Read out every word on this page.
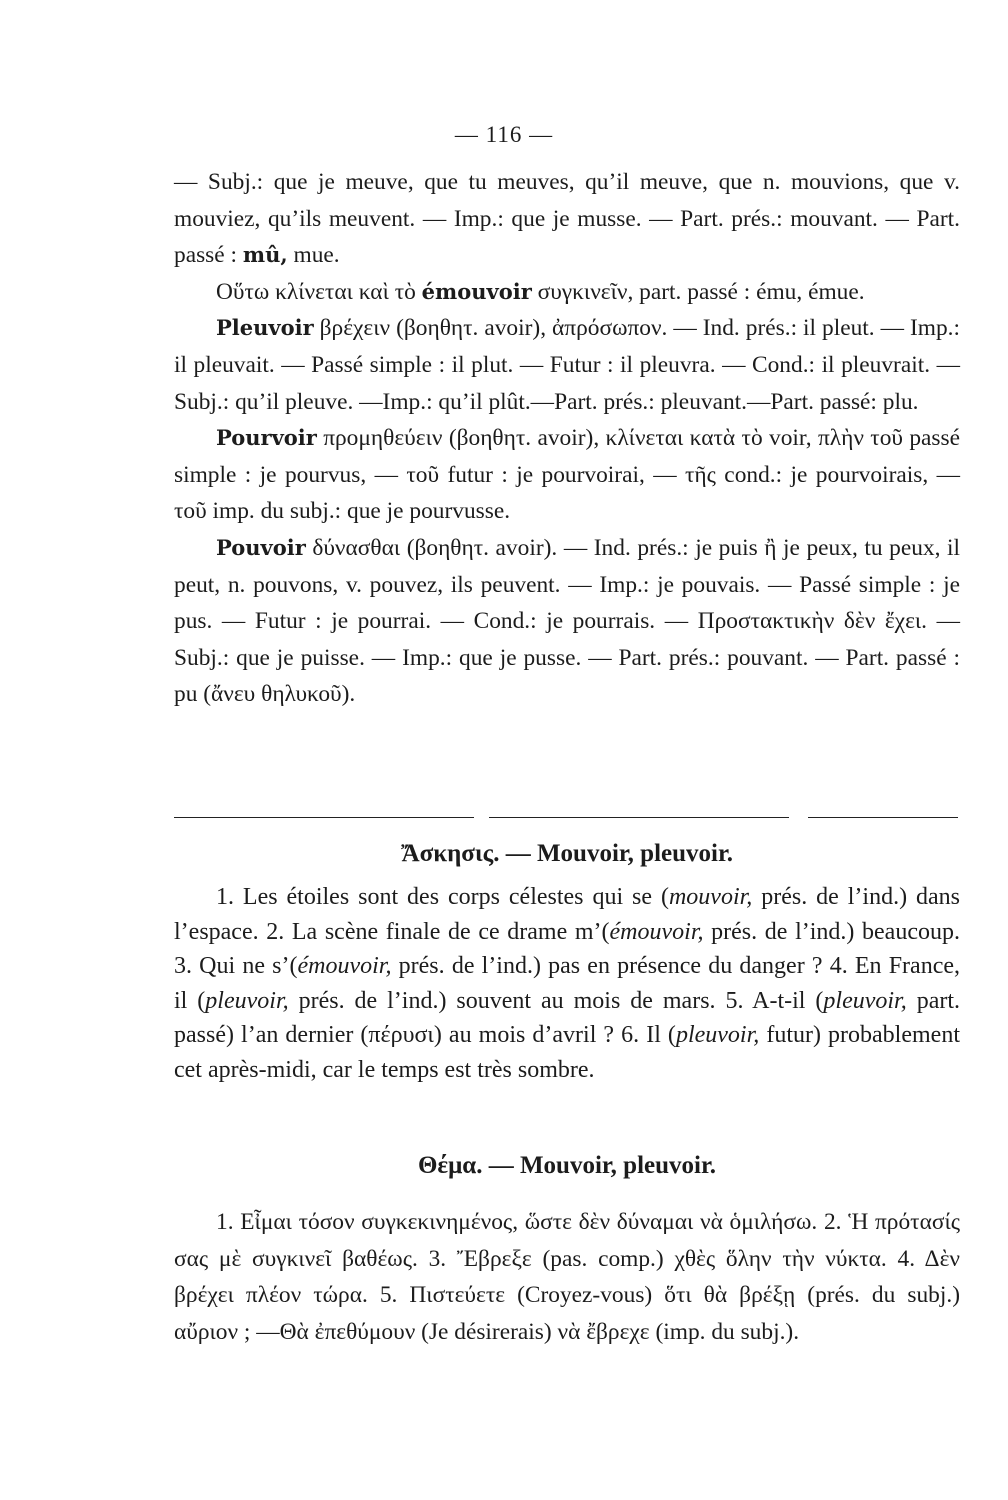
— 116 —

— Subj.: que je meuve, que tu meuves, qu’il meuve, que n. mouvions, que v. mouviez, qu’ils meuvent. — Imp.: que je musse. — Part. prés.: mouvant. — Part. passé : mû, mue.

Οὕτω κλίνεται καὶ τὸ émouvoir συγκινεῖν, part. passé : ému, émue.

Pleuvoir βρέχειν (βοηθητ. avoir), ἀπρόσωπον. — Ind. prés.: il pleut. — Imp.: il pleuvait. — Passé simple : il plut. — Futur : il pleuvra. — Cond.: il pleuvrait. — Subj.: qu’il pleuve. —Imp.: qu’il plût.—Part. prés.: pleuvant.—Part. passé: plu.

Pourvoir προμηθεύειν (βοηθητ. avoir), κλίνεται κατὰ τὸ voir, πλὴν τοῦ passé simple : je pourvus, — τοῦ futur : je pourvoirai, — τῆς cond.: je pourvoirais, — τοῦ imp. du subj.: que je pourvusse.

Pouvoir δύνασθαι (βοηθητ. avoir). — Ind. prés.: je puis ἢ je peux, tu peux, il peut, n. pouvons, v. pouvez, ils peuvent. — Imp.: je pouvais. — Passé simple : je pus. — Futur : je pourrai. — Cond.: je pourrais. — Προστακτικὴν δὲν ἔχει. — Subj.: que je puisse. — Imp.: que je pusse. — Part. prés.: pouvant. — Part. passé : pu (ἄνευ θηλυκοῦ).

Ἄσκησις. — Mouvoir, pleuvoir.

1. Les étoiles sont des corps célestes qui se (mouvoir, prés. de l’ind.) dans l’espace. 2. La scène finale de ce drame m’(émouvoir, prés. de l’ind.) beaucoup. 3. Qui ne s’(émouvoir, prés. de l’ind.) pas en présence du danger ? 4. En France, il (pleuvoir, prés. de l’ind.) souvent au mois de mars. 5. A-t-il (pleuvoir, part. passé) l’an dernier (πέρυσι) au mois d’avril ? 6. Il (pleuvoir, futur) probablement cet après-midi, car le temps est très sombre.

Θέμα. — Mouvoir, pleuvoir.

1. Εἶμαι τόσον συγκεκινημένος, ὥστε δὲν δύναμαι νὰ ὁμιλήσω. 2. Ἡ πρότασίς σας μὲ συγκινεῖ βαθέως. 3. Ἔβρεξε (pas. comp.) χθὲς ὅλην τὴν νύκτα. 4. Δὲν βρέχει πλέον τώρα. 5. Πιστεύετε (Croyez-vous) ὅτι θὰ βρέξῃ (prés. du subj.) αὔριον ; —Θὰ ἐπεθύμουν (Je désirerais) νὰ ἔβρεχε (imp. du subj.).
